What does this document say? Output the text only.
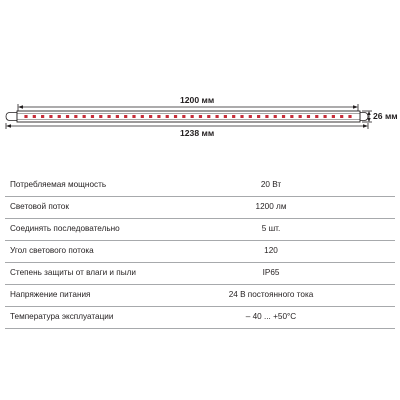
1200 мм
1238 мм
26 мм
Потребляемая мощность	20 Вт
Световой поток	1200 лм
Соединять последовательно	5 шт.
Угол светового потока	120
Степень защиты от влаги и пыли	IP65
Напряжение питания	24 В постоянного тока
Температура эксплуатации	– 40 ... +50°C
